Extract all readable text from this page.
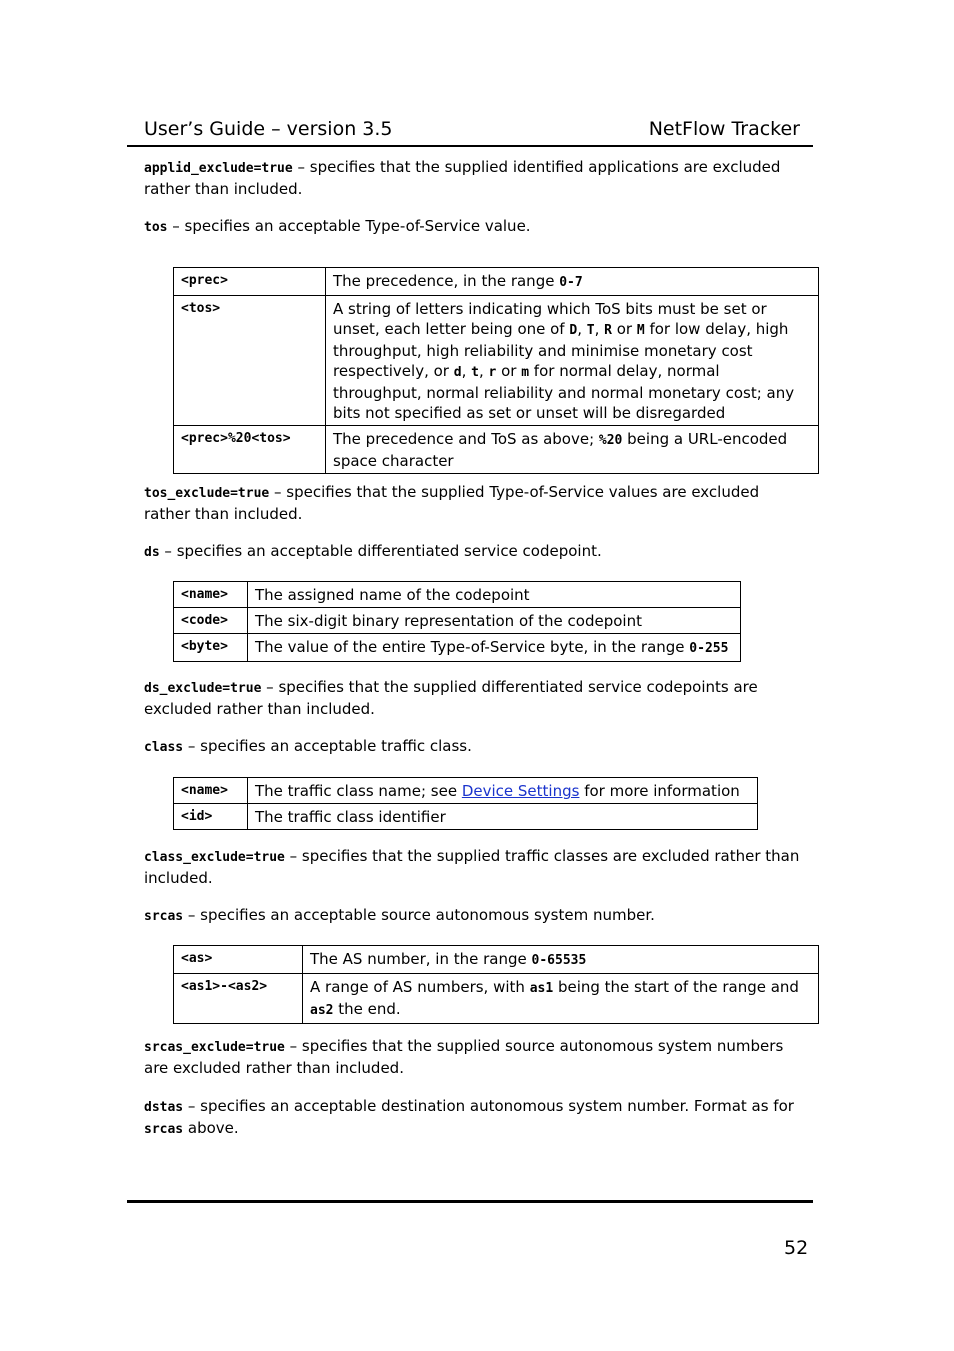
User’s Guide – version 3.5	NetFlow Tracker

applid_exclude=true – specifies that the supplied identified applications are excluded rather than included.

tos – specifies an acceptable Type-of-Service value.

<prec>	The precedence, in the range 0-7
<tos>	A string of letters indicating which ToS bits must be set or unset, each letter being one of D, T, R or M for low delay, high throughput, high reliability and minimise monetary cost respectively, or d, t, r or m for normal delay, normal throughput, normal reliability and normal monetary cost; any bits not specified as set or unset will be disregarded
<prec>%20<tos>	The precedence and ToS as above; %20 being a URL-encoded space character

tos_exclude=true – specifies that the supplied Type-of-Service values are excluded rather than included.

ds – specifies an acceptable differentiated service codepoint.

<name>	The assigned name of the codepoint
<code>	The six-digit binary representation of the codepoint
<byte>	The value of the entire Type-of-Service byte, in the range 0-255

ds_exclude=true – specifies that the supplied differentiated service codepoints are excluded rather than included.

class – specifies an acceptable traffic class.

<name>	The traffic class name; see Device Settings for more information
<id>	The traffic class identifier

class_exclude=true – specifies that the supplied traffic classes are excluded rather than included.

srcas – specifies an acceptable source autonomous system number.

<as>	The AS number, in the range 0-65535
<as1>-<as2>	A range of AS numbers, with as1 being the start of the range and as2 the end.

srcas_exclude=true – specifies that the supplied source autonomous system numbers are excluded rather than included.

dstas – specifies an acceptable destination autonomous system number. Format as for srcas above.

52
